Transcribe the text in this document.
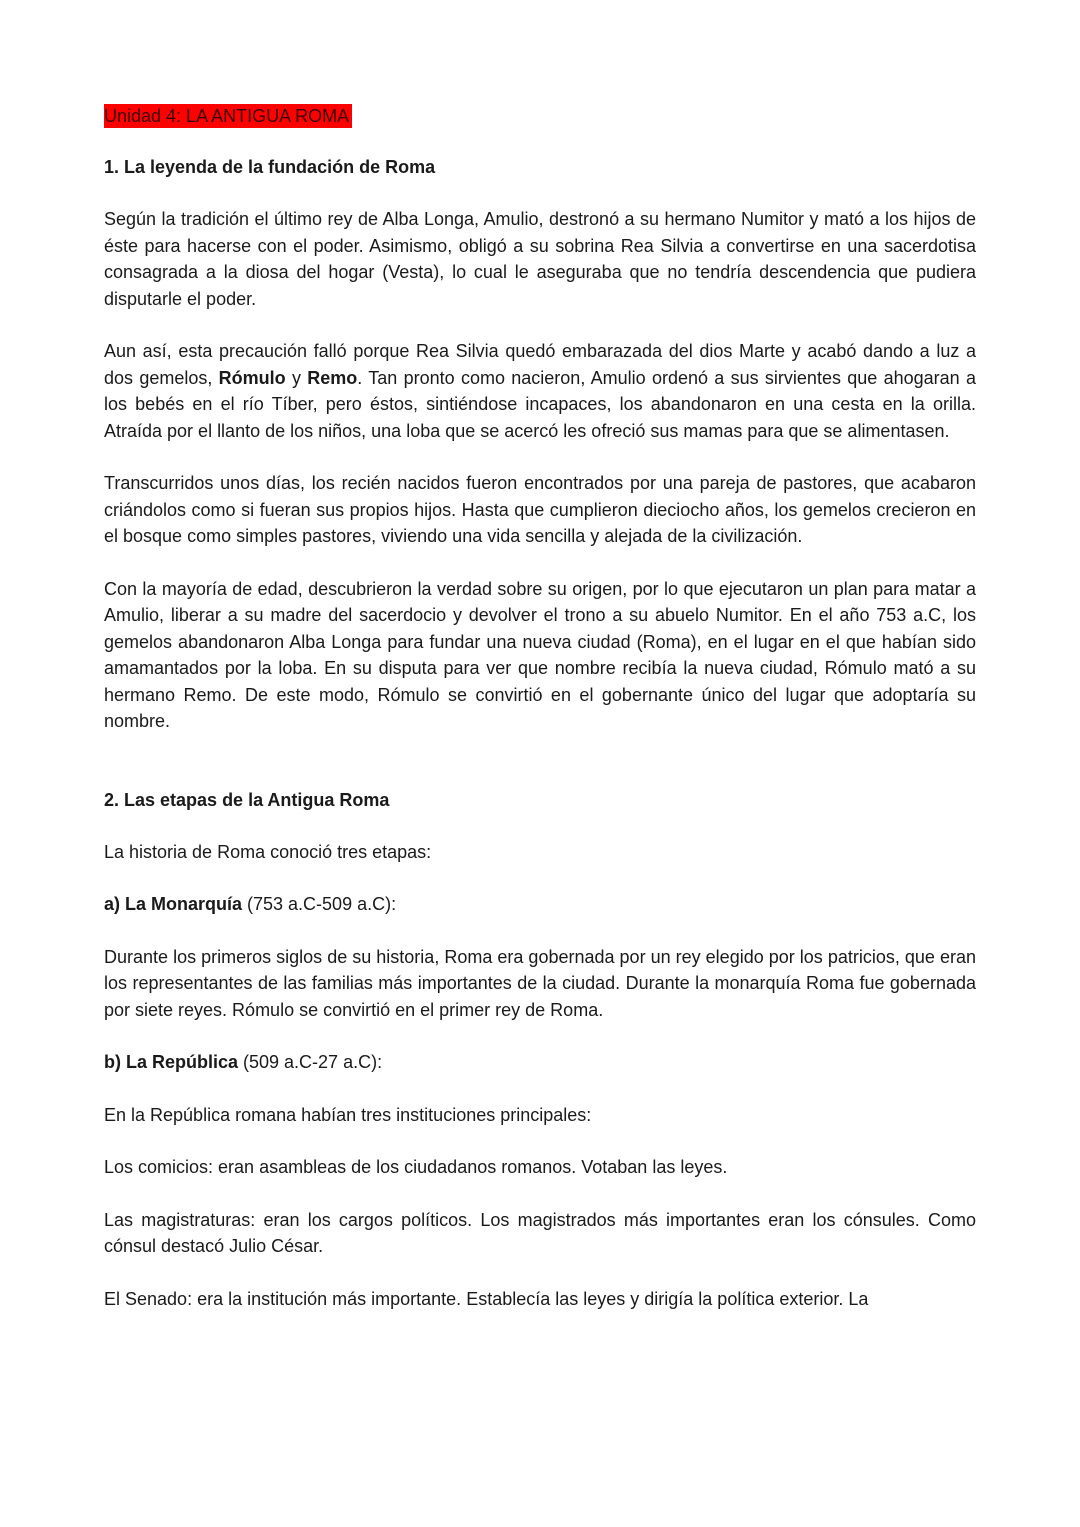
Unidad 4: LA ANTIGUA ROMA
1. La leyenda de la fundación de Roma

Según la tradición el último rey de Alba Longa, Amulio, destronó a su hermano Numitor y mató a los hijos de éste para hacerse con el poder. Asimismo, obligó a su sobrina Rea Silvia a convertirse en una sacerdotisa consagrada a la diosa del hogar (Vesta), lo cual le aseguraba que no tendría descendencia que pudiera disputarle el poder.

Aun así, esta precaución falló porque Rea Silvia quedó embarazada del dios Marte y acabó dando a luz a dos gemelos, Rómulo y Remo. Tan pronto como nacieron, Amulio ordenó a sus sirvientes que ahogaran a los bebés en el río Tíber, pero éstos, sintiéndose incapaces, los abandonaron en una cesta en la orilla. Atraída por el llanto de los niños, una loba que se acercó les ofreció sus mamas para que se alimentasen.

Transcurridos unos días, los recién nacidos fueron encontrados por una pareja de pastores, que acabaron criándolos como si fueran sus propios hijos. Hasta que cumplieron dieciocho años, los gemelos crecieron en el bosque como simples pastores, viviendo una vida sencilla y alejada de la civilización.

Con la mayoría de edad, descubrieron la verdad sobre su origen, por lo que ejecutaron un plan para matar a Amulio, liberar a su madre del sacerdocio y devolver el trono a su abuelo Numitor. En el año 753 a.C, los gemelos abandonaron Alba Longa para fundar una nueva ciudad (Roma), en el lugar en el que habían sido amamantados por la loba. En su disputa para ver que nombre recibía la nueva ciudad, Rómulo mató a su hermano Remo. De este modo, Rómulo se convirtió en el gobernante único del lugar que adoptaría su nombre.

2. Las etapas de la Antigua Roma

La historia de Roma conoció tres etapas:

a) La Monarquía (753 a.C-509 a.C):

Durante los primeros siglos de su historia, Roma era gobernada por un rey elegido por los patricios, que eran los representantes de las familias más importantes de la ciudad. Durante la monarquía Roma fue gobernada por siete reyes. Rómulo se convirtió en el primer rey de Roma.

b) La República (509 a.C-27 a.C):

En la República romana habían tres instituciones principales:

Los comicios: eran asambleas de los ciudadanos romanos. Votaban las leyes.

Las magistraturas: eran los cargos políticos. Los magistrados más importantes eran los cónsules. Como cónsul destacó Julio César.

El Senado: era la institución más importante. Establecía las leyes y dirigía la política exterior. La
